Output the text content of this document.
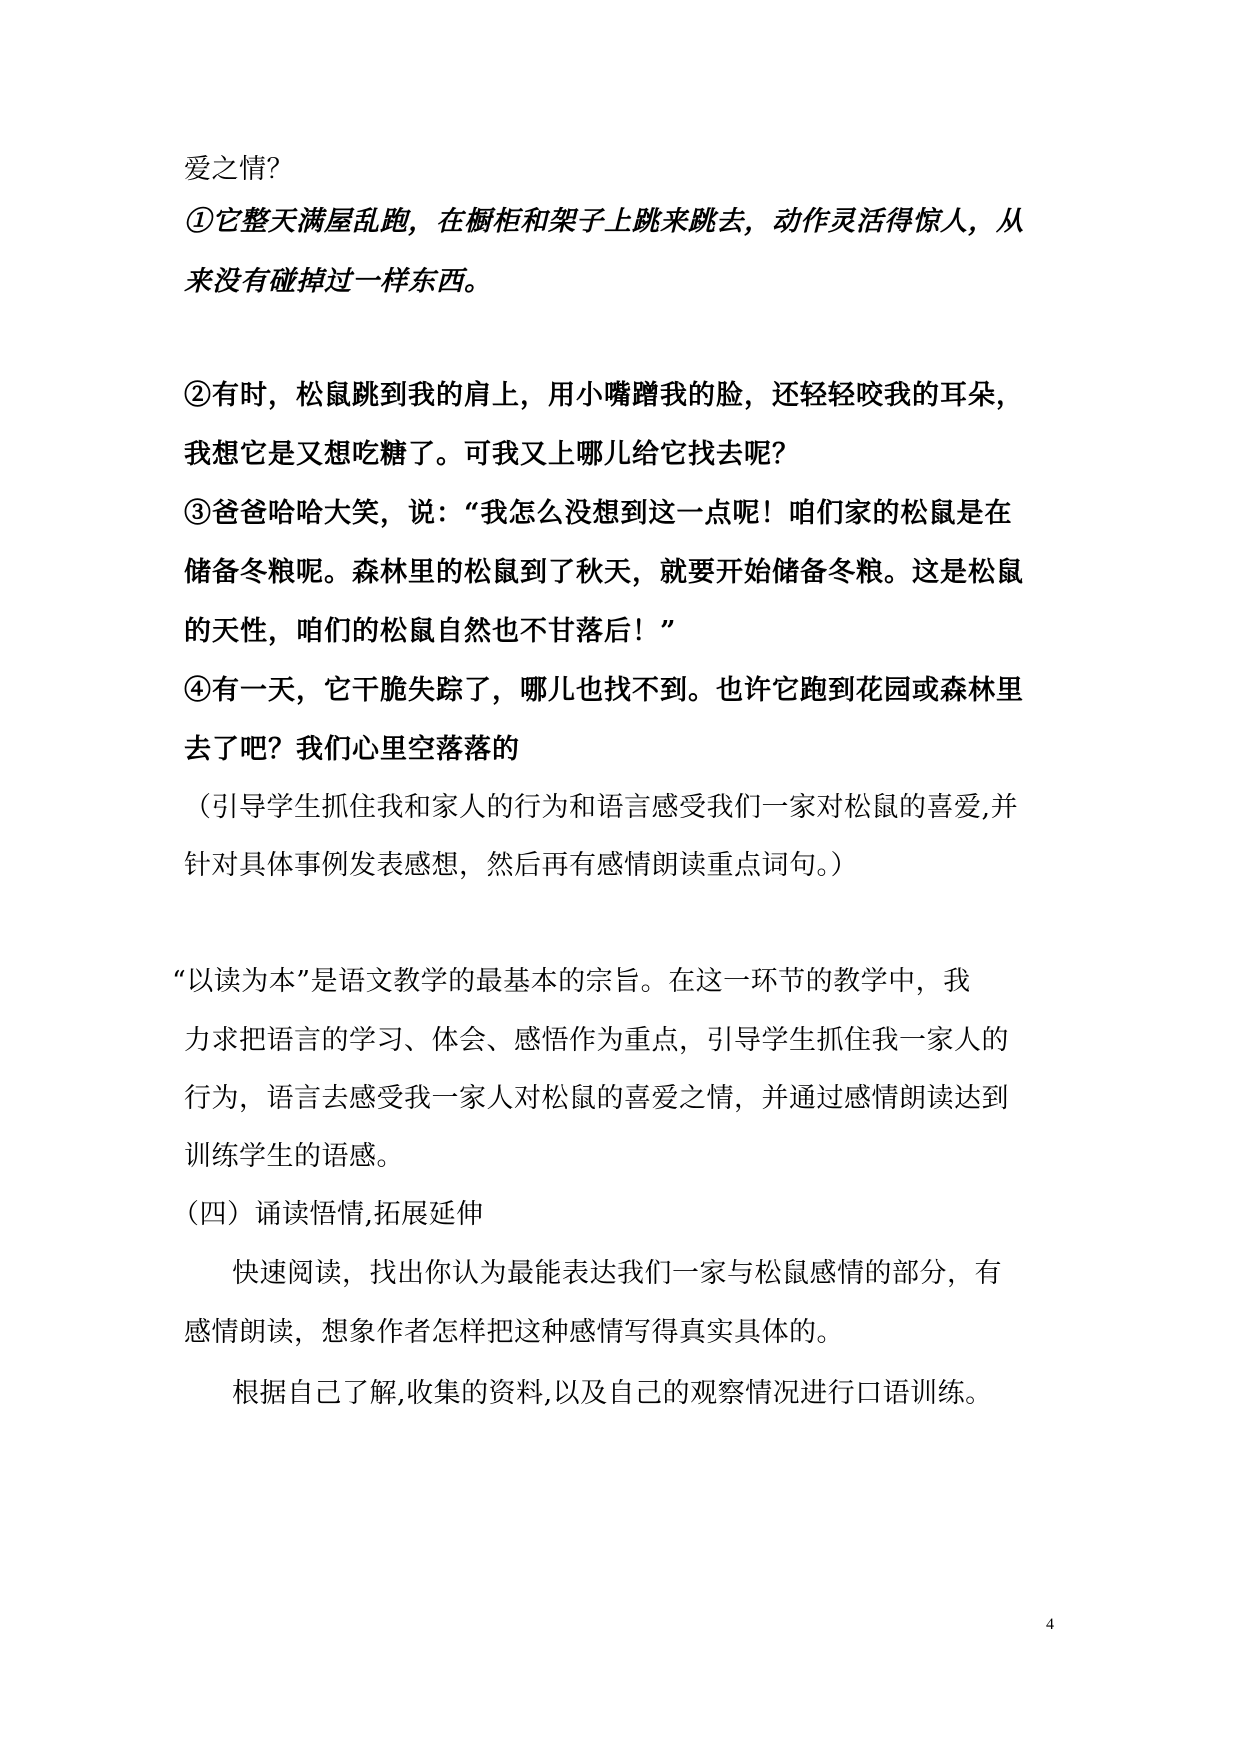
爱之情？
①它整天满屋乱跑，在橱柜和架子上跳来跳去，动作灵活得惊人，从
来没有碰掉过一样东西。
②有时，松鼠跳到我的肩上，用小嘴蹭我的脸，还轻轻咬我的耳朵，
我想它是又想吃糖了。可我又上哪儿给它找去呢？
③爸爸哈哈大笑，说：“我怎么没想到这一点呢！咱们家的松鼠是在
储备冬粮呢。森林里的松鼠到了秋天，就要开始储备冬粮。这是松鼠
的天性，咱们的松鼠自然也不甘落后！”
④有一天，它干脆失踪了，哪儿也找不到。也许它跑到花园或森林里
去了吧？我们心里空落落的
（引导学生抓住我和家人的行为和语言感受我们一家对松鼠的喜爱,并
针对具体事例发表感想，然后再有感情朗读重点词句。）
“以读为本”是语文教学的最基本的宗旨。在这一环节的教学中，我
力求把语言的学习、体会、感悟作为重点，引导学生抓住我一家人的
行为，语言去感受我一家人对松鼠的喜爱之情，并通过感情朗读达到
训练学生的语感。
（四）诵读悟情,拓展延伸
快速阅读，找出你认为最能表达我们一家与松鼠感情的部分，有
感情朗读，想象作者怎样把这种感情写得真实具体的。
根据自己了解,收集的资料,以及自己的观察情况进行口语训练。
4
